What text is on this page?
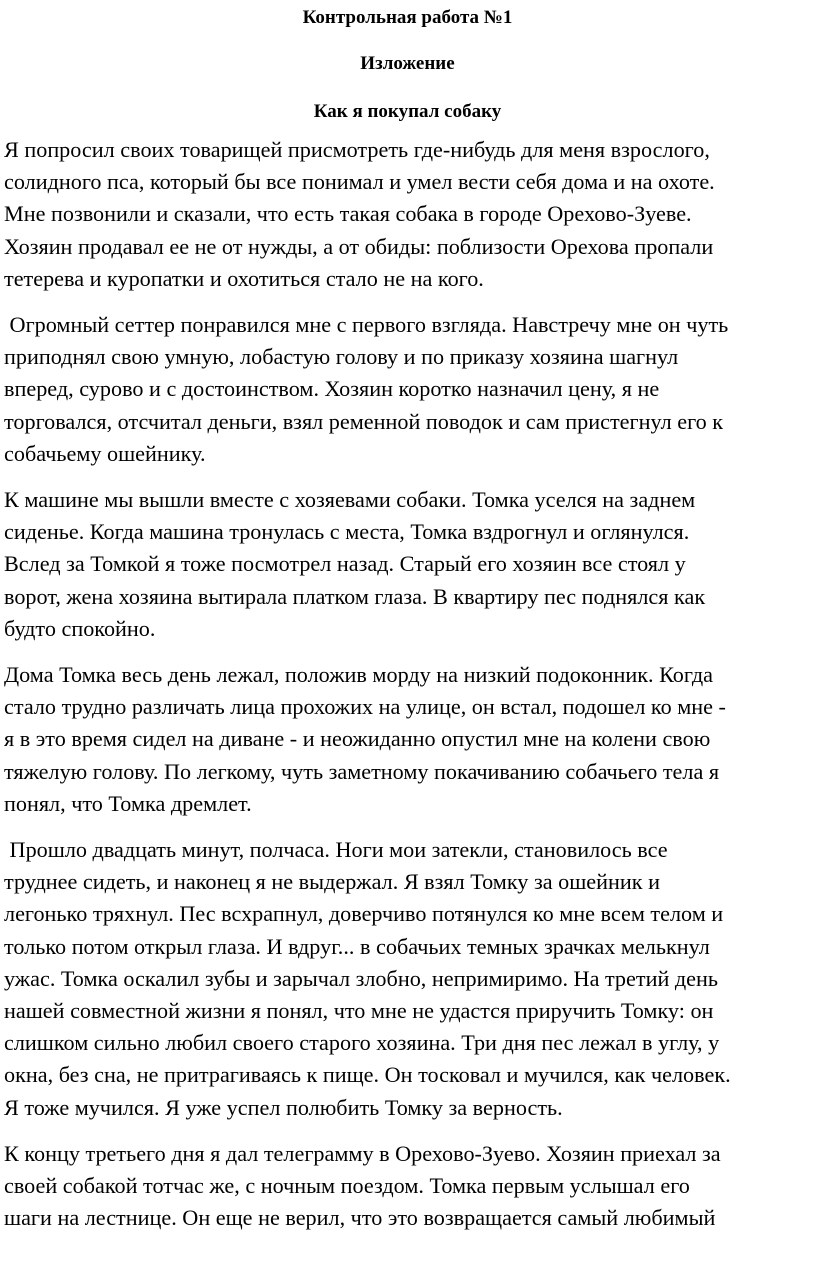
Контрольная работа №1

Изложение

Как я покупал собаку

Я попросил своих товарищей присмотреть где-нибудь для меня взрослого,
солидного пса, который бы все понимал и умел вести себя дома и на охоте.
Мне позвонили и сказали, что есть такая собака в городе Орехово-Зуеве.
Хозяин продавал ее не от нужды, а от обиды: поблизости Орехова пропали
тетерева и куропатки и охотиться стало не на кого.
Огромный сеттер понравился мне с первого взгляда. Навстречу мне он чуть
приподнял свою умную, лобастую голову и по приказу хозяина шагнул
вперед, сурово и с достоинством. Хозяин коротко назначил цену, я не
торговался, отсчитал деньги, взял ременной поводок и сам пристегнул его к
собачьему ошейнику.
К машине мы вышли вместе с хозяевами собаки. Томка уселся на заднем
сиденье. Когда машина тронулась с места, Томка вздрогнул и оглянулся.
Вслед за Томкой я тоже посмотрел назад. Старый его хозяин все стоял у
ворот, жена хозяина вытирала платком глаза. В квартиру пес поднялся как
будто спокойно.
Дома Томка весь день лежал, положив морду на низкий подоконник. Когда
стало трудно различать лица прохожих на улице, он встал, подошел ко мне -
я в это время сидел на диване - и неожиданно опустил мне на колени свою
тяжелую голову. По легкому, чуть заметному покачиванию собачьего тела я
понял, что Томка дремлет.
Прошло двадцать минут, полчаса. Ноги мои затекли, становилось все
труднее сидеть, и наконец я не выдержал. Я взял Томку за ошейник и
легонько тряхнул. Пес всхрапнул, доверчиво потянулся ко мне всем телом и
только потом открыл глаза. И вдруг... в собачьих темных зрачках мелькнул
ужас. Томка оскалил зубы и зарычал злобно, непримиримо. На третий день
нашей совместной жизни я понял, что мне не удастся приручить Томку: он
слишком сильно любил своего старого хозяина. Три дня пес лежал в углу, у
окна, без сна, не притрагиваясь к пище. Он тосковал и мучился, как человек.
Я тоже мучился. Я уже успел полюбить Томку за верность.
К концу третьего дня я дал телеграмму в Орехово-Зуево. Хозяин приехал за
своей собакой тотчас же, с ночным поездом. Томка первым услышал его
шаги на лестнице. Он еще не верил, что это возвращается самый любимый
